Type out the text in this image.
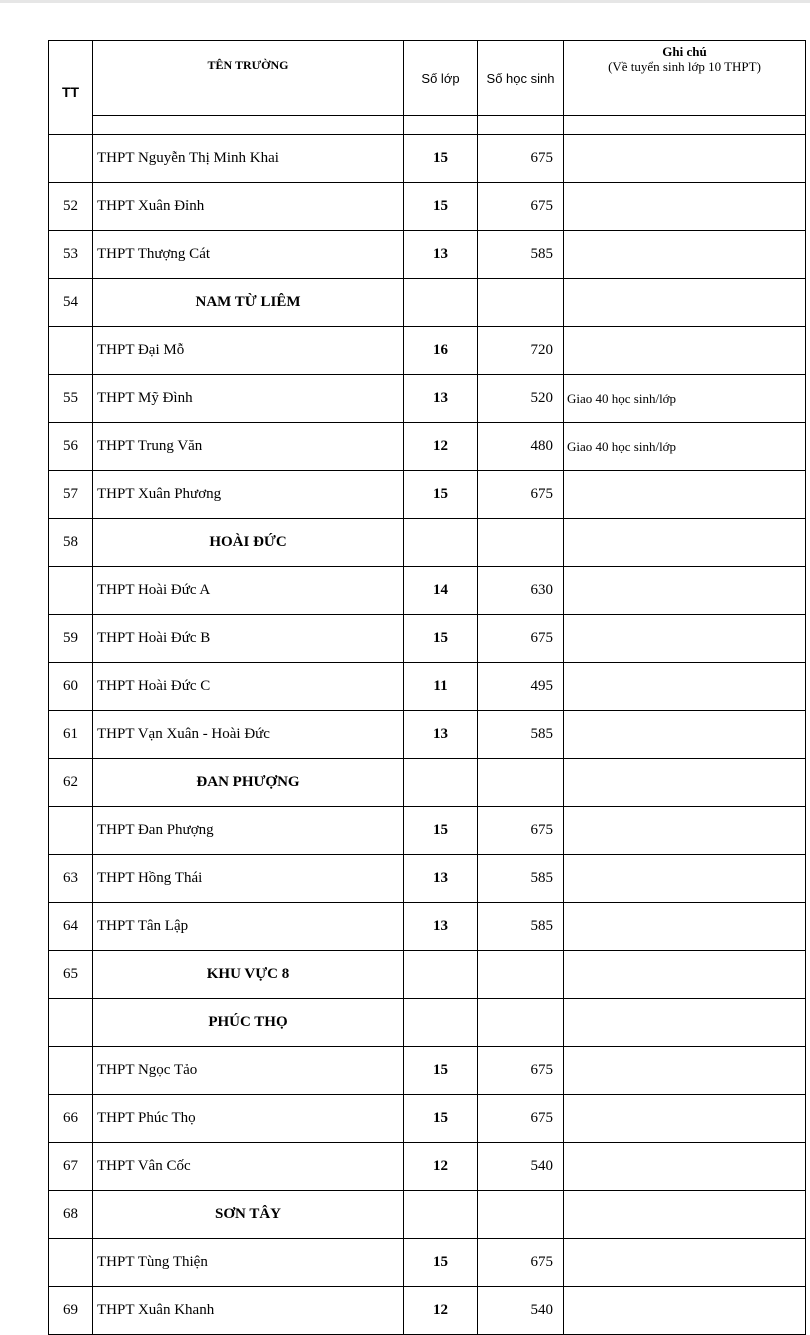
TT	TÊN TRƯỜNG	Số lớp	Số học sinh	Ghi chú
(Về tuyển sinh lớp 10 THPT)

	THPT Nguyễn Thị Minh Khai	15	675	
52	THPT Xuân Đỉnh	15	675	
53	THPT Thượng Cát	13	585	
54	NAM TỪ LIÊM			
	THPT Đại Mỗ	16	720	
55	THPT Mỹ Đình	13	520	Giao 40 học sinh/lớp
56	THPT Trung Văn	12	480	Giao 40 học sinh/lớp
57	THPT Xuân Phương	15	675	
58	HOÀI ĐỨC			
	THPT Hoài Đức A	14	630	
59	THPT Hoài Đức B	15	675	
60	THPT Hoài Đức C	11	495	
61	THPT Vạn Xuân - Hoài Đức	13	585	
62	ĐAN PHƯỢNG			
	THPT Đan Phượng	15	675	
63	THPT Hồng Thái	13	585	
64	THPT Tân Lập	13	585	
65	KHU VỰC 8			
	PHÚC THỌ			
	THPT Ngọc Tảo	15	675	
66	THPT Phúc Thọ	15	675	
67	THPT Vân Cốc	12	540	
68	SƠN TÂY			
	THPT Tùng Thiện	15	675	
69	THPT Xuân Khanh	12	540	
